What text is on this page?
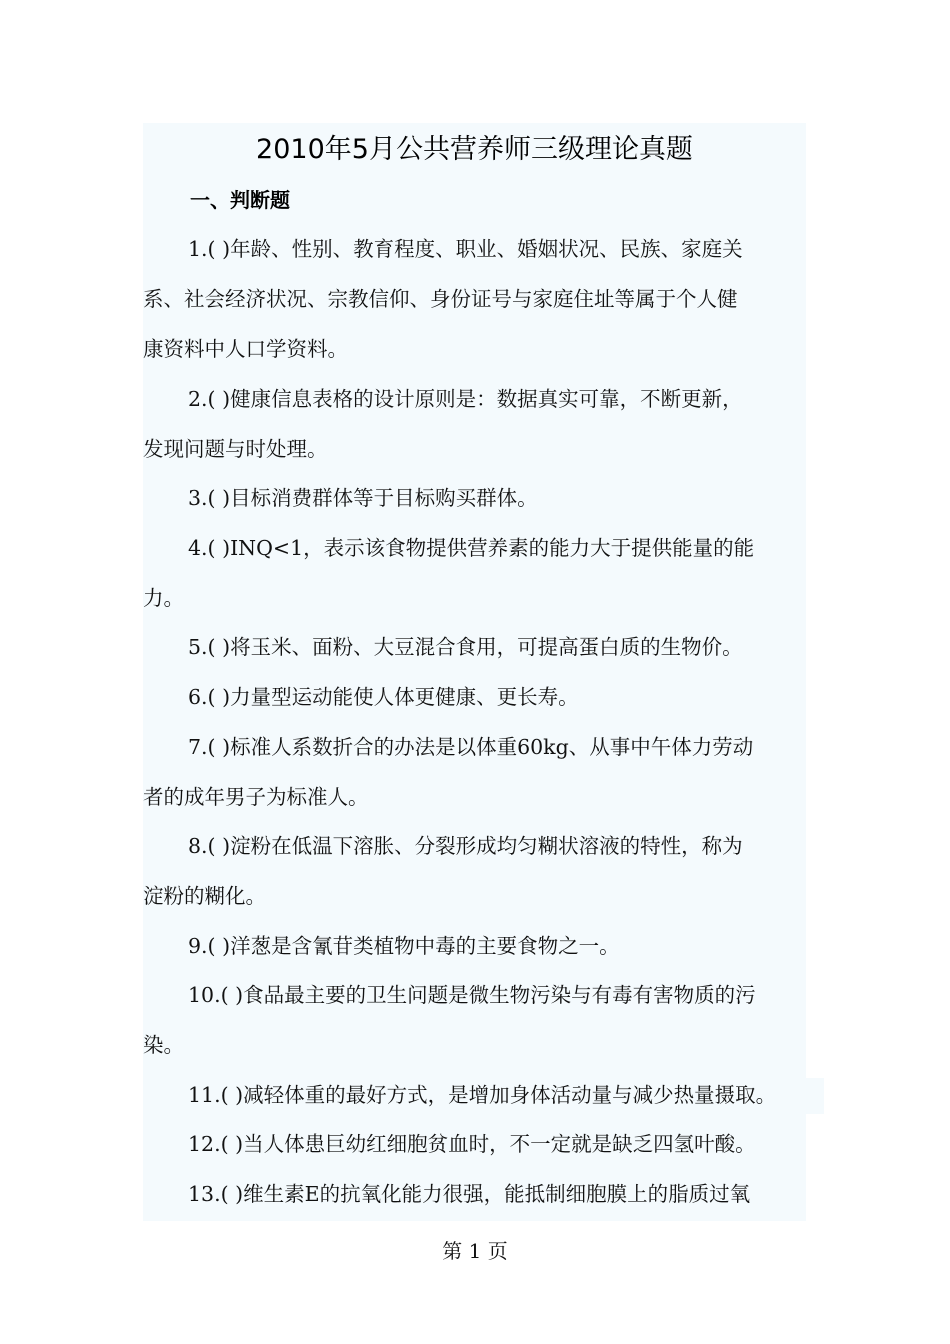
2010年5月公共营养师三级理论真题
一、判断题
1.( )年龄、性别、教育程度、职业、婚姻状况、民族、家庭关
系、社会经济状况、宗教信仰、身份证号与家庭住址等属于个人健
康资料中人口学资料。
2.( )健康信息表格的设计原则是：数据真实可靠，不断更新，
发现问题与时处理。
3.( )目标消费群体等于目标购买群体。
4.( )INQ<1，表示该食物提供营养素的能力大于提供能量的能
力。
5.( )将玉米、面粉、大豆混合食用，可提高蛋白质的生物价。
6.( )力量型运动能使人体更健康、更长寿。
7.( )标准人系数折合的办法是以体重60kg、从事中午体力劳动
者的成年男子为标准人。
8.( )淀粉在低温下溶胀、分裂形成均匀糊状溶液的特性，称为
淀粉的糊化。
9.( )洋葱是含氰苷类植物中毒的主要食物之一。
10.( )食品最主要的卫生问题是微生物污染与有毒有害物质的污
染。
11.( )减轻体重的最好方式，是增加身体活动量与减少热量摄取。
12.( )当人体患巨幼红细胞贫血时，不一定就是缺乏四氢叶酸。
13.( )维生素E的抗氧化能力很强，能抵制细胞膜上的脂质过氧
第 1 页
